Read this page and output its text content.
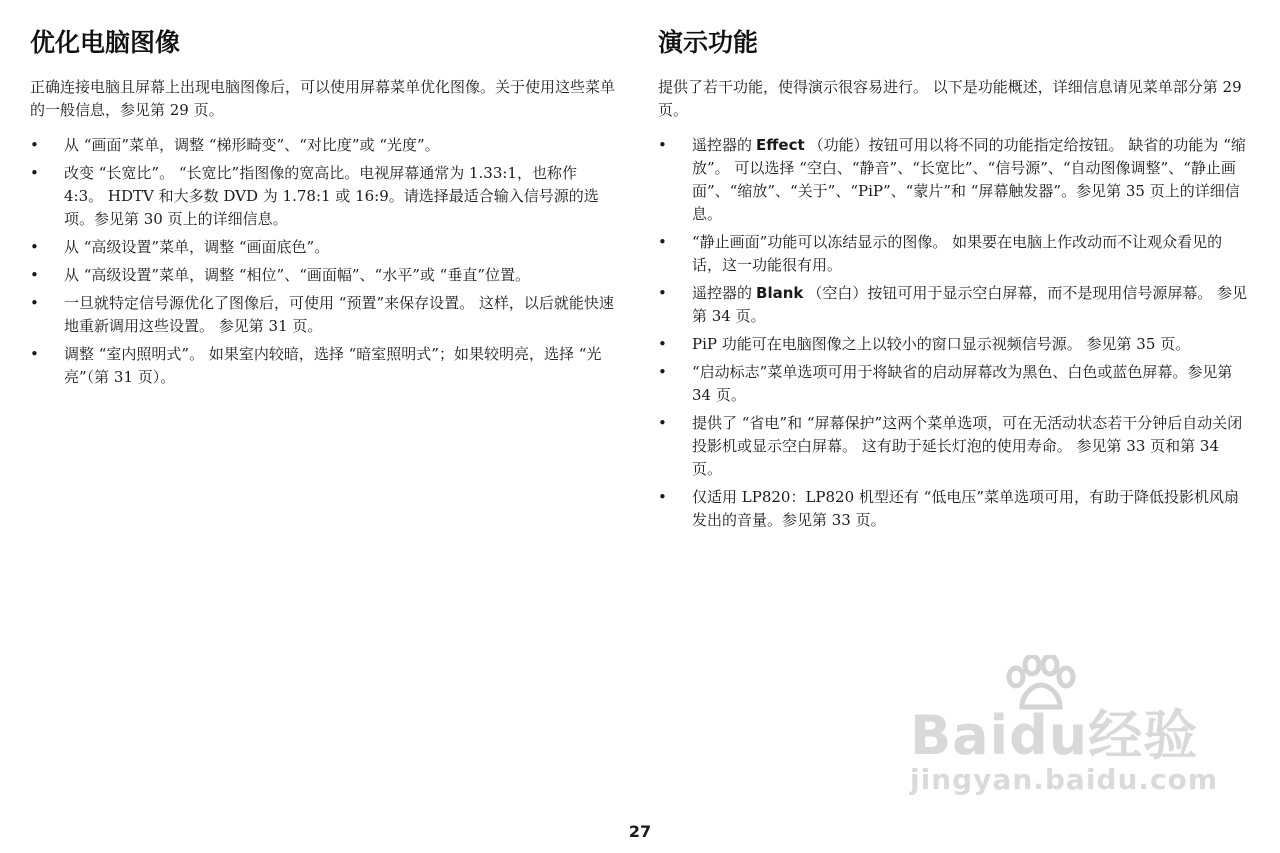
优化电脑图像

正确连接电脑且屏幕上出现电脑图像后，可以使用屏幕菜单优化图像。关于使用这些菜单的一般信息，参见第 29 页。

• 从 “画面”菜单，调整 “梯形畸变”、“对比度”或 “光度”。
• 改变 “长宽比”。 “长宽比”指图像的宽高比。电视屏幕通常为 1.33:1，也称作 4:3。 HDTV 和大多数 DVD 为 1.78:1 或 16:9。请选择最适合输入信号源的选项。参见第 30 页上的详细信息。
• 从 “高级设置”菜单，调整 “画面底色”。
• 从 “高级设置”菜单，调整 “相位”、“画面幅”、“水平”或 “垂直”位置。
• 一旦就特定信号源优化了图像后，可使用 “预置”来保存设置。 这样，以后就能快速地重新调用这些设置。 参见第 31 页。
• 调整 “室内照明式”。 如果室内较暗，选择 “暗室照明式”；如果较明亮，选择 “光亮”（第 31 页）。
演示功能

提供了若干功能，使得演示很容易进行。 以下是功能概述，详细信息请见菜单部分第 29 页。

• 遥控器的 Effect （功能）按钮可用以将不同的功能指定给按钮。 缺省的功能为 “缩放”。 可以选择 “空白、“静音”、“长宽比”、“信号源”、“自动图像调整”、“静止画面”、“缩放”、“关于”、“PiP”、“蒙片”和 “屏幕触发器”。参见第 35 页上的详细信息。
• “静止画面”功能可以冻结显示的图像。 如果要在电脑上作改动而不让观众看见的话，这一功能很有用。
• 遥控器的 Blank （空白）按钮可用于显示空白屏幕，而不是现用信号源屏幕。 参见第 34 页。
• PiP 功能可在电脑图像之上以较小的窗口显示视频信号源。 参见第 35 页。
• “启动标志”菜单选项可用于将缺省的启动屏幕改为黑色、白色或蓝色屏幕。参见第 34 页。
• 提供了 “省电”和 “屏幕保护”这两个菜单选项，可在无活动状态若干分钟后自动关闭投影机或显示空白屏幕。 这有助于延长灯泡的使用寿命。 参见第 33 页和第 34 页。
• 仅适用 LP820：LP820 机型还有 “低电压”菜单选项可用，有助于降低投影机风扇发出的音量。参见第 33 页。
27
Baidu经验
jingyan.baidu.com
